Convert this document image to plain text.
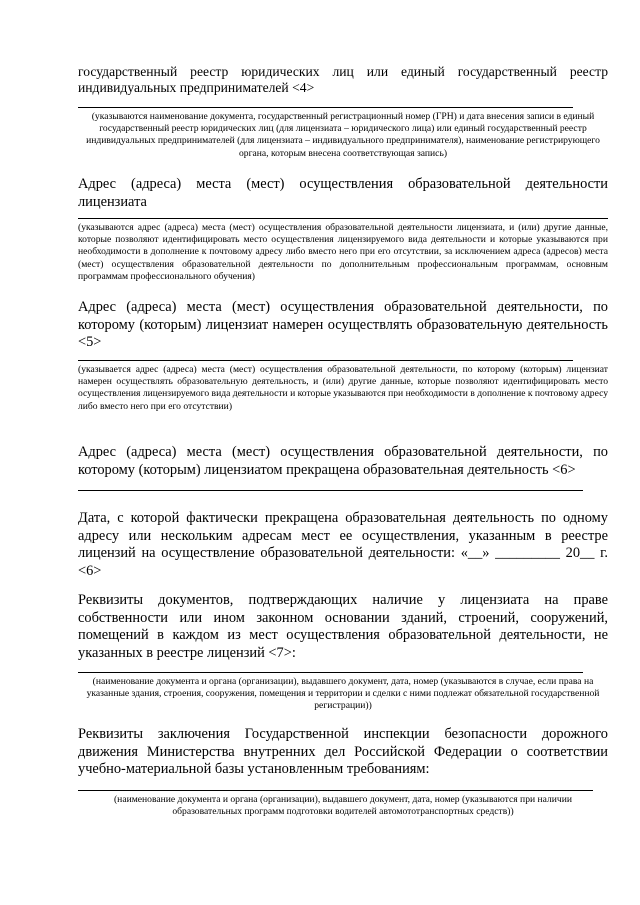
государственный реестр юридических лиц или единый государственный реестр индивидуальных предпринимателей <4>
(указываются наименование документа, государственный регистрационный номер (ГРН) и дата внесения записи в единый государственный реестр юридических лиц (для лицензиата – юридического лица) или единый государственный реестр индивидуальных предпринимателей (для лицензиата – индивидуального предпринимателя), наименование регистрирующего органа, которым внесена соответствующая запись)
Адрес (адреса) места (мест) осуществления образовательной деятельности лицензиата
(указываются адрес (адреса) места (мест) осуществления образовательной деятельности лицензиата, и (или) другие данные, которые позволяют идентифицировать место осуществления лицензируемого вида деятельности и которые указываются при необходимости в дополнение к почтовому адресу либо вместо него при его отсутствии, за исключением адреса (адресов) места (мест) осуществления образовательной деятельности по дополнительным профессиональным программам, основным программам профессионального обучения)
Адрес (адреса) места (мест) осуществления образовательной деятельности, по которому (которым) лицензиат намерен осуществлять образовательную деятельность <5>
(указывается адрес (адреса) места (мест) осуществления образовательной деятельности, по которому (которым) лицензиат намерен осуществлять образовательную деятельность, и (или) другие данные, которые позволяют идентифицировать место осуществления лицензируемого вида деятельности и которые указываются при необходимости в дополнение к почтовому адресу либо вместо него при его отсутствии)
Адрес (адреса) места (мест) осуществления образовательной деятельности, по которому (которым) лицензиатом прекращена образовательная деятельность <6>
Дата, с которой фактически прекращена образовательная деятельность по одному адресу или нескольким адресам мест ее осуществления, указанным в реестре лицензий на осуществление образовательной деятельности: «__» _________ 20__ г. <6>
Реквизиты документов, подтверждающих наличие у лицензиата на праве собственности или ином законном основании зданий, строений, сооружений, помещений в каждом из мест осуществления образовательной деятельности, не указанных в реестре лицензий <7>:
(наименование документа и органа (организации), выдавшего документ, дата, номер (указываются в случае, если права на указанные здания, строения, сооружения, помещения и территории и сделки с ними подлежат обязательной государственной регистрации))
Реквизиты заключения Государственной инспекции безопасности дорожного движения Министерства внутренних дел Российской Федерации о соответствии учебно-материальной базы установленным требованиям:
(наименование документа и органа (организации), выдавшего документ, дата, номер (указываются при наличии образовательных программ подготовки водителей автомототранспортных средств))
